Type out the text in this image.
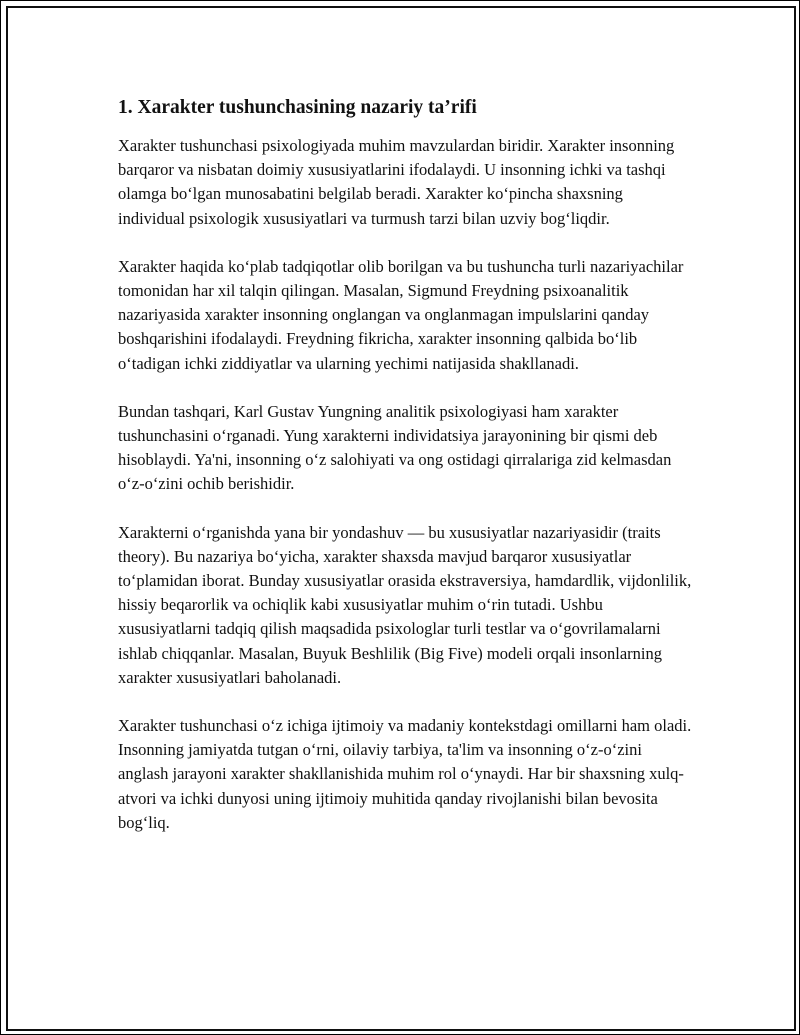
1. Xarakter tushunchasining nazariy ta’rifi

Xarakter tushunchasi psixologiyada muhim mavzulardan biridir. Xarakter insonning barqaror va nisbatan doimiy xususiyatlarini ifodalaydi. U insonning ichki va tashqi olamga bo‘lgan munosabatini belgilab beradi. Xarakter ko‘pincha shaxsning individual psixologik xususiyatlari va turmush tarzi bilan uzviy bog‘liqdir.

Xarakter haqida ko‘plab tadqiqotlar olib borilgan va bu tushuncha turli nazariyachilar tomonidan har xil talqin qilingan. Masalan, Sigmund Freydning psixoanalitik nazariyasida xarakter insonning onglangan va onglanmagan impulslarini qanday boshqarishini ifodalaydi. Freydning fikricha, xarakter insonning qalbida bo‘lib o‘tadigan ichki ziddiyatlar va ularning yechimi natijasida shakllanadi.

Bundan tashqari, Karl Gustav Yungning analitik psixologiyasi ham xarakter tushunchasini o‘rganadi. Yung xarakterni individatsiya jarayonining bir qismi deb hisoblaydi. Ya'ni, insonning o‘z salohiyati va ong ostidagi qirralariga zid kelmasdan o‘z-o‘zini ochib berishidir.

Xarakterni o‘rganishda yana bir yondashuv — bu xususiyatlar nazariyasidir (traits theory). Bu nazariya bo‘yicha, xarakter shaxsda mavjud barqaror xususiyatlar to‘plamidan iborat. Bunday xususiyatlar orasida ekstraversiya, hamdardlik, vijdonlilik, hissiy beqarorlik va ochiqlik kabi xususiyatlar muhim o‘rin tutadi. Ushbu xususiyatlarni tadqiq qilish maqsadida psixologlar turli testlar va o‘govrilamalarni ishlab chiqqanlar. Masalan, Buyuk Beshlilik (Big Five) modeli orqali insonlarning xarakter xususiyatlari baholanadi.

Xarakter tushunchasi o‘z ichiga ijtimoiy va madaniy kontekstdagi omillarni ham oladi. Insonning jamiyatda tutgan o‘rni, oilaviy tarbiya, ta'lim va insonning o‘z-o‘zini anglash jarayoni xarakter shakllanishida muhim rol o‘ynaydi. Har bir shaxsning xulq-atvori va ichki dunyosi uning ijtimoiy muhitida qanday rivojlanishi bilan bevosita bog‘liq.
